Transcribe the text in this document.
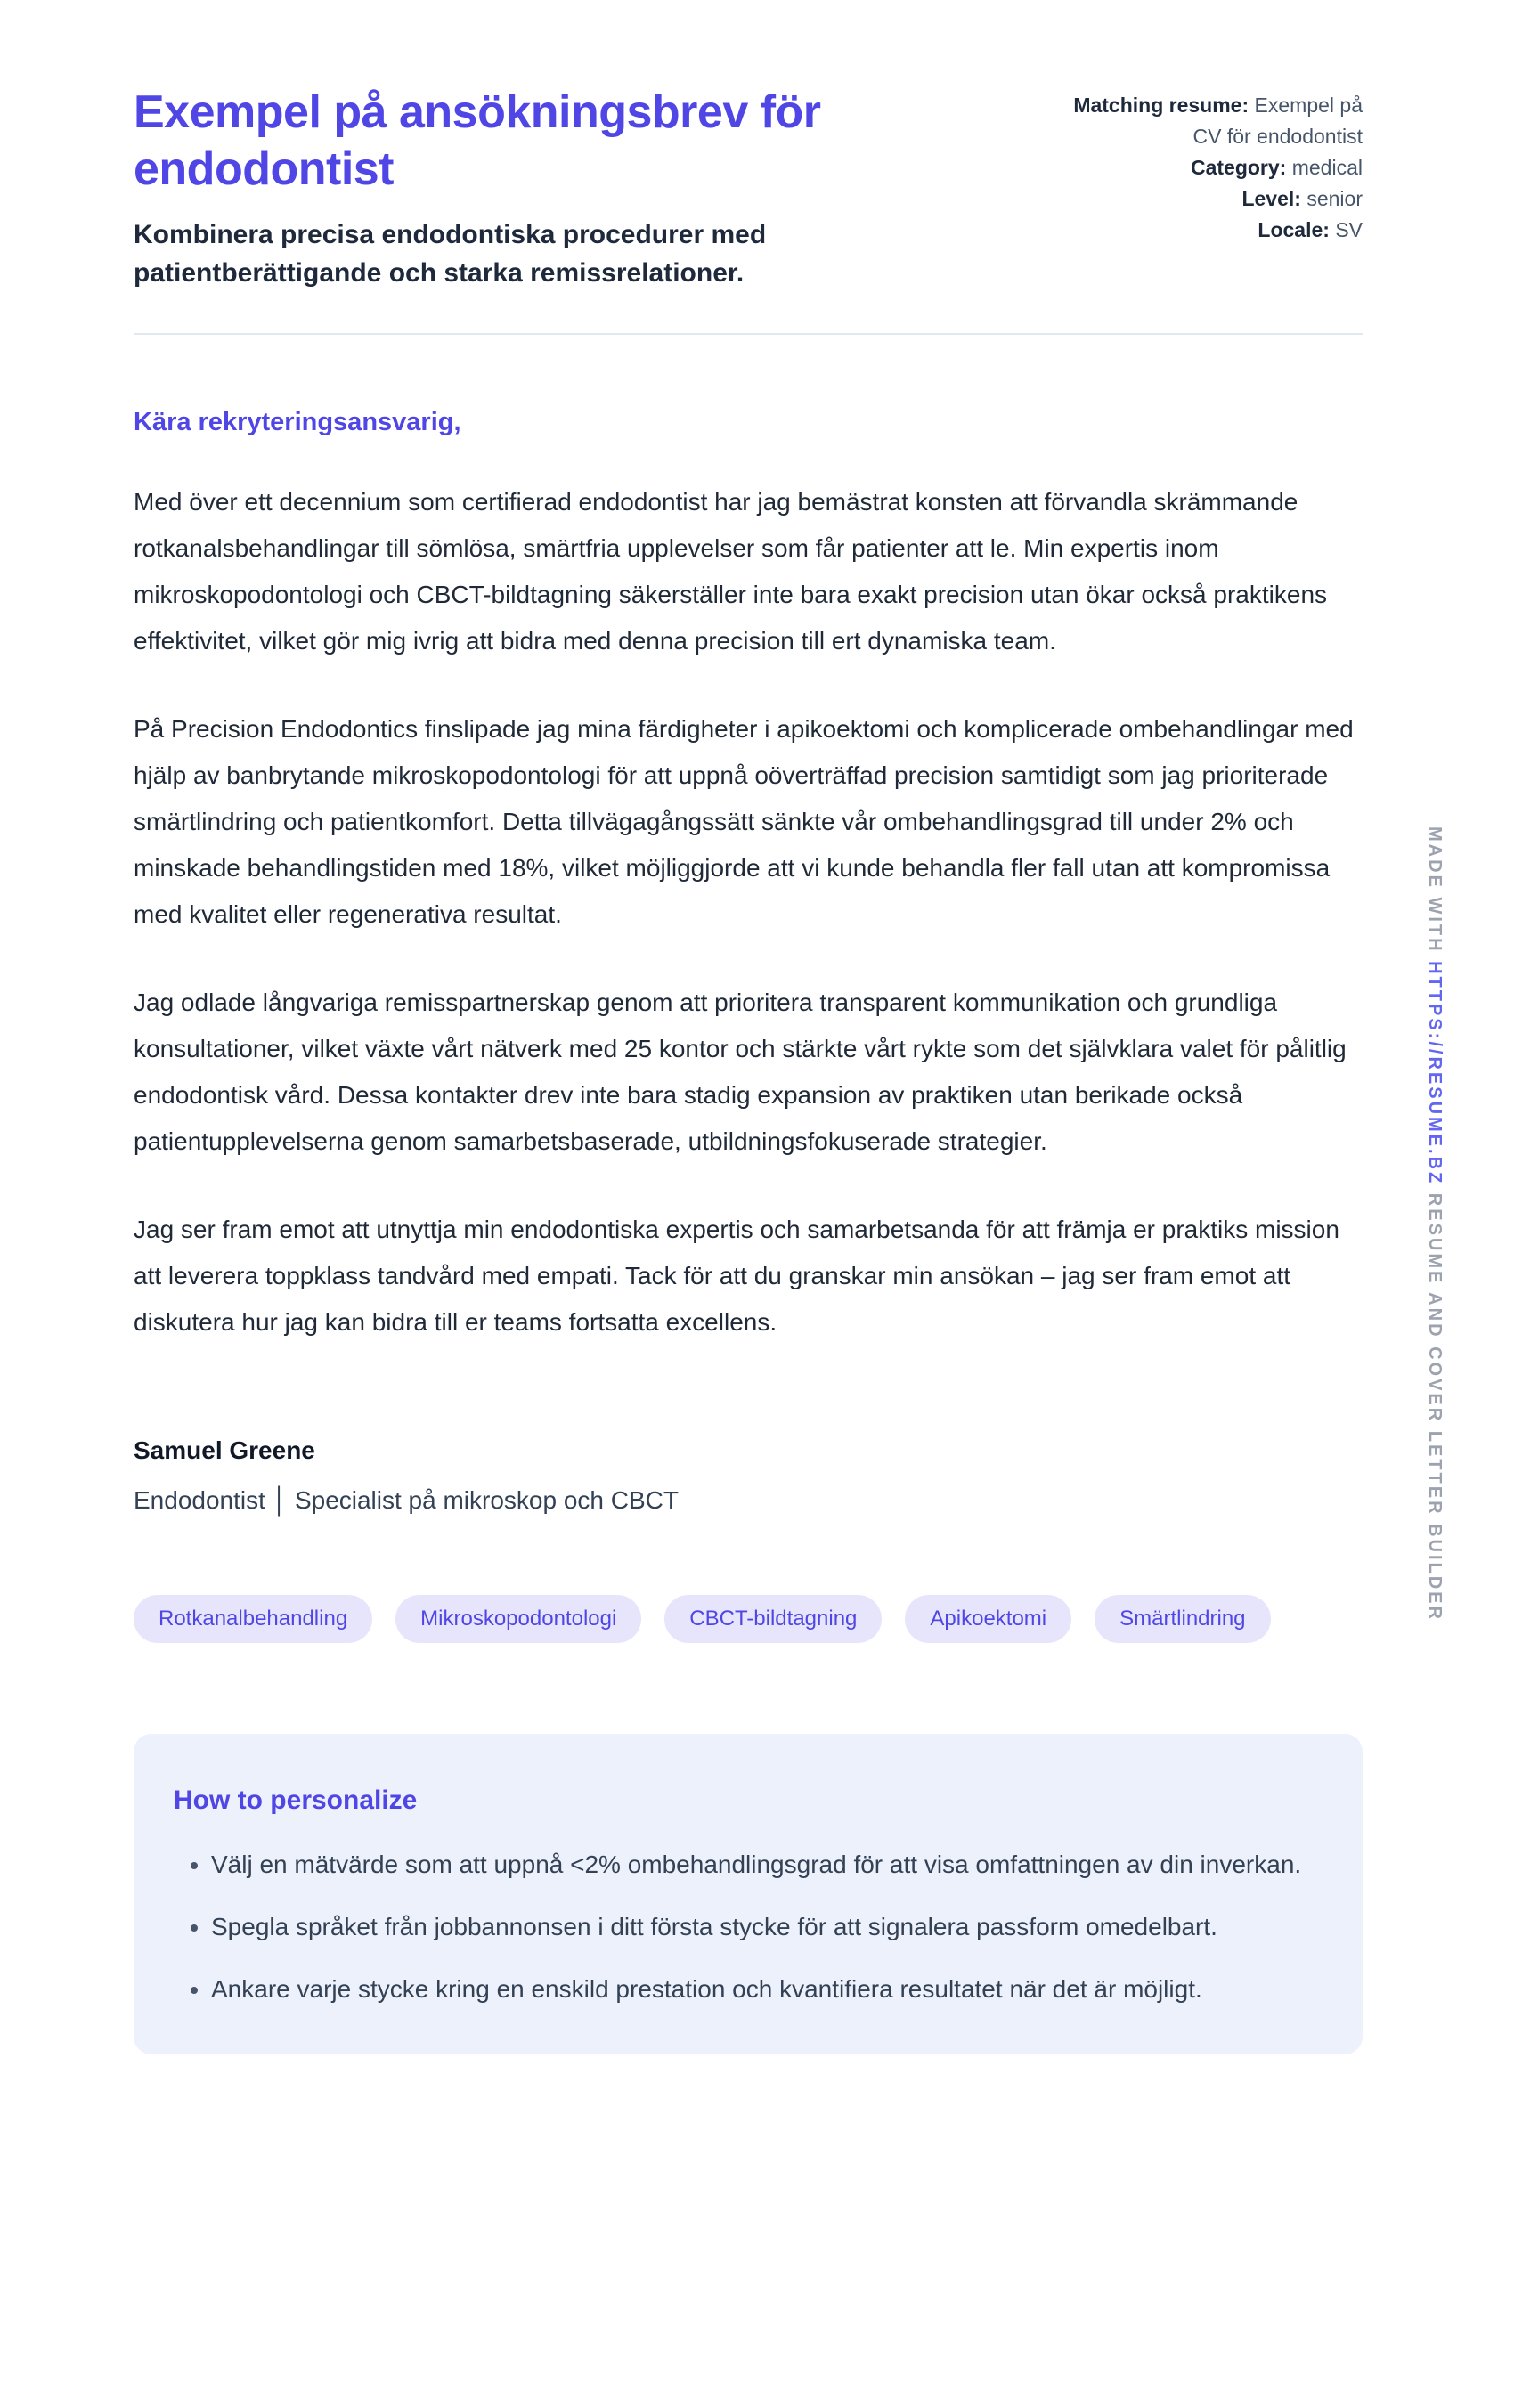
Exempel på ansökningsbrev för endodontist

Kombinera precisa endodontiska procedurer med patientberättigande och starka remissrelationer.

Matching resume: Exempel på CV för endodontist
Category: medical
Level: senior
Locale: SV

Kära rekryteringsansvarig,

Med över ett decennium som certifierad endodontist har jag bemästrat konsten att förvandla skrämmande rotkanalsbehandlingar till sömlösa, smärtfria upplevelser som får patienter att le. Min expertis inom mikroskopodontologi och CBCT-bildtagning säkerställer inte bara exakt precision utan ökar också praktikens effektivitet, vilket gör mig ivrig att bidra med denna precision till ert dynamiska team.

På Precision Endodontics finslipade jag mina färdigheter i apikoektomi och komplicerade ombehandlingar med hjälp av banbrytande mikroskopodontologi för att uppnå oöverträffad precision samtidigt som jag prioriterade smärtlindring och patientkomfort. Detta tillvägagångssätt sänkte vår ombehandlingsgrad till under 2% och minskade behandlingstiden med 18%, vilket möjliggjorde att vi kunde behandla fler fall utan att kompromissa med kvalitet eller regenerativa resultat.

Jag odlade långvariga remisspartnerskap genom att prioritera transparent kommunikation och grundliga konsultationer, vilket växte vårt nätverk med 25 kontor och stärkte vårt rykte som det självklara valet för pålitlig endodontisk vård. Dessa kontakter drev inte bara stadig expansion av praktiken utan berikade också patientupplevelserna genom samarbetsbaserade, utbildningsfokuserade strategier.

Jag ser fram emot att utnyttja min endodontiska expertis och samarbetsanda för att främja er praktiks mission att leverera toppklass tandvård med empati. Tack för att du granskar min ansökan – jag ser fram emot att diskutera hur jag kan bidra till er teams fortsatta excellens.

Samuel Greene

Endodontist │ Specialist på mikroskop och CBCT

Rotkanalbehandling	Mikroskopodontologi	CBCT-bildtagning	Apikoektomi	Smärtlindring
How to personalize
• Välj en mätvärde som att uppnå <2% ombehandlingsgrad för att visa omfattningen av din inverkan.
• Spegla språket från jobbannonsen i ditt första stycke för att signalera passform omedelbart.
• Ankare varje stycke kring en enskild prestation och kvantifiera resultatet när det är möjligt.
MADE WITH HTTPS://RESUME.BZ RESUME AND COVER LETTER BUILDER
